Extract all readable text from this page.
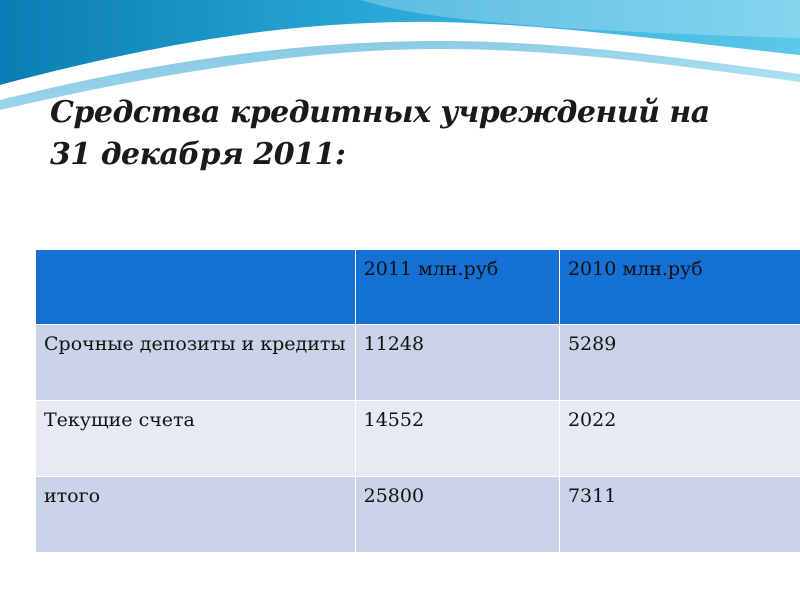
Средства кредитных учреждений на
31 декабря 2011:
	2011 млн.руб	2010 млн.руб
Срочные депозиты и кредиты	11248	5289
Текущие счета	14552	2022
итого	25800	7311
